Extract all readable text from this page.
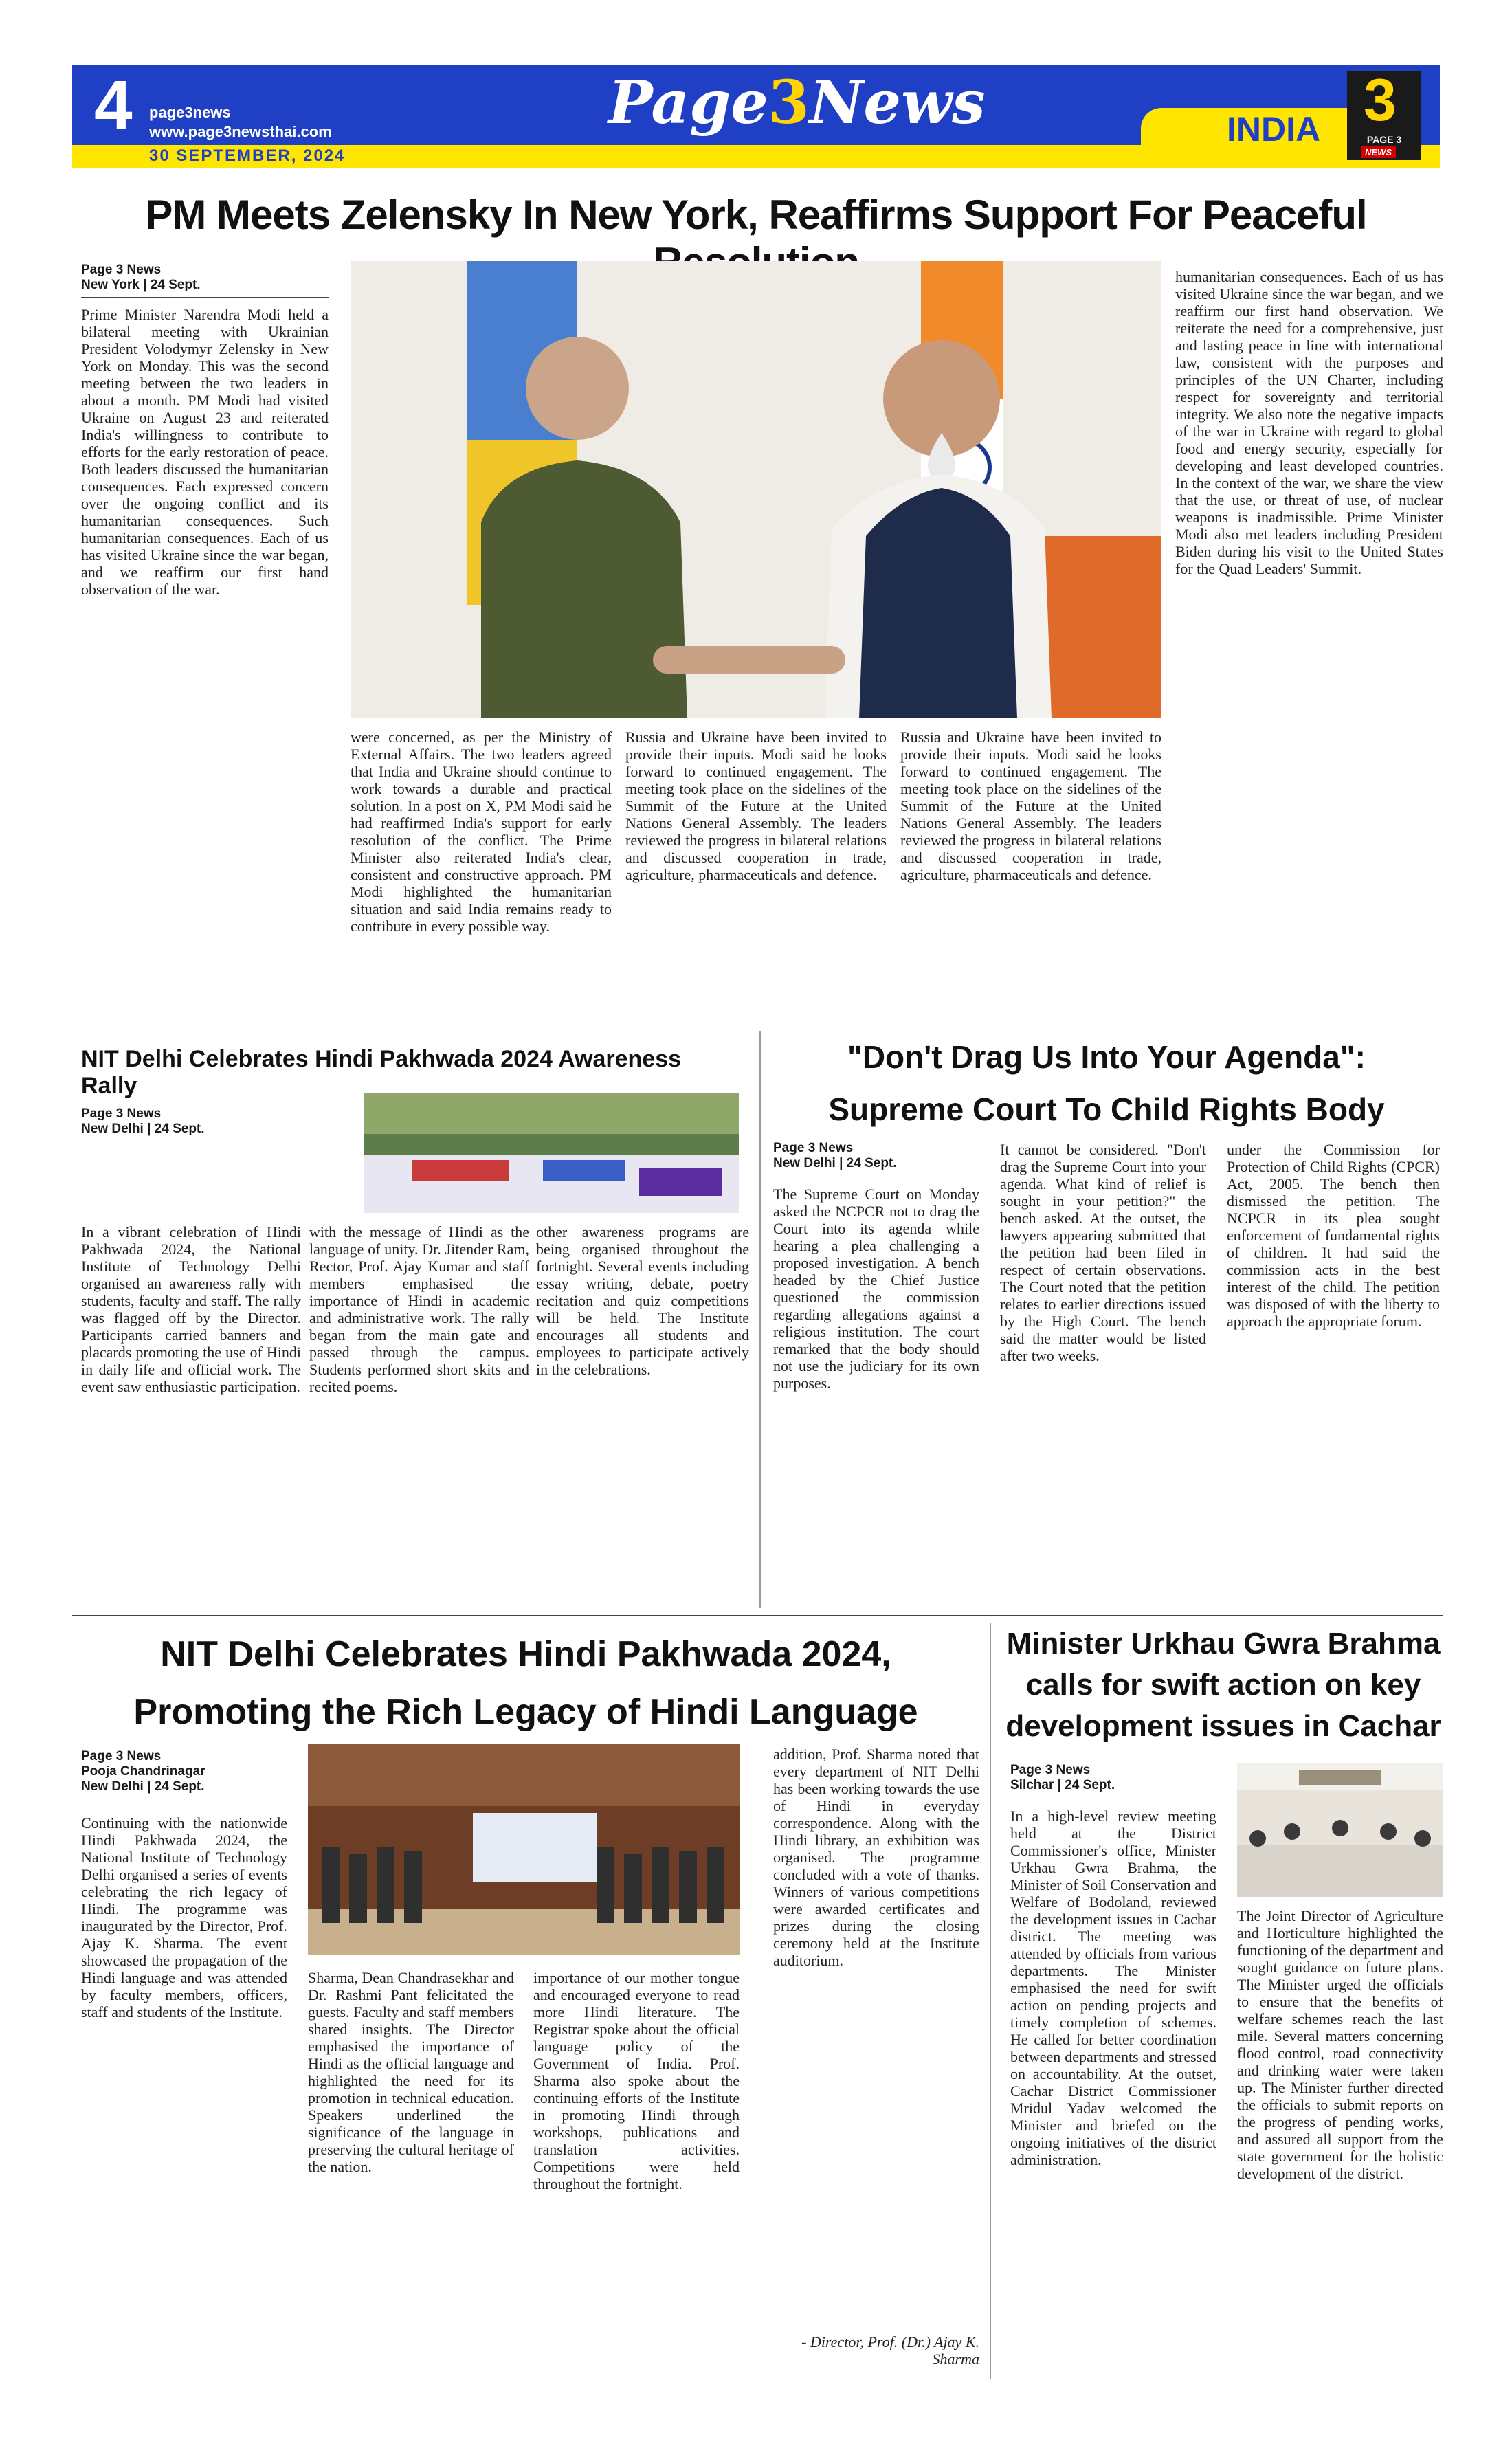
4 page3news
www.page3newsthai.com
30 SEPTEMBER, 2024
Page3News	INDIA 3
PAGE 3
NEWS
PM Meets Zelensky In New York, Reaffirms Support For Peaceful
Page 3 News
New York | 24 Sept.
Prime Minister Narendra Modi held a bilateral meeting with Ukrainian President Volodymyr Zelensky in New York on Monday. This was the second meeting between the two leaders in about a month. PM Modi had visited Ukraine on August 23 and reiterated India's willingness to contribute to efforts for the early restoration of peace. Both leaders discussed the humanitarian consequences. Each expressed concern over the ongoing conflict and its humanitarian consequences. Such humanitarian consequences. Each of us has visited Ukraine since the war began, and we reaffirm our first hand observation of the war.
were concerned, as per the Ministry of External Affairs. The two leaders agreed that India and Ukraine should continue to work towards a durable and practical solution. In a post on X, PM Modi said he had reaffirmed India's support for early resolution of the conflict. The Prime Minister also reiterated India's clear, consistent and constructive approach. PM Modi highlighted the humanitarian situation and said India remains ready to contribute in every possible way.
Russia and Ukraine have been invited to provide their inputs. Modi said he looks forward to continued engagement. The meeting took place on the sidelines of the Summit of the Future at the United Nations General Assembly. The leaders reviewed the progress in bilateral relations and discussed cooperation in trade, agriculture, pharmaceuticals and defence.
Russia and Ukraine have been invited to provide their inputs. Modi said he looks forward to continued engagement. The meeting took place on the sidelines of the Summit of the Future at the United Nations General Assembly. The leaders reviewed the progress in bilateral relations and discussed cooperation in trade, agriculture, pharmaceuticals and defence.
humanitarian consequences. Each of us has visited Ukraine since the war began, and we reaffirm our first hand observation. We reiterate the need for a comprehensive, just and lasting peace in line with international law, consistent with the purposes and principles of the UN Charter, including respect for sovereignty and territorial integrity. We also note the negative impacts of the war in Ukraine with regard to global food and energy security, especially for developing and least developed countries. In the context of the war, we share the view that the use, or threat of use, of nuclear weapons is inadmissible. Prime Minister Modi also met leaders including President Biden during his visit to the United States for the Quad Leaders' Summit.
NIT Delhi Celebrates Hindi Pakhwada 2024 Awareness Rally
Page 3 News
New Delhi | 24 Sept.
In a vibrant celebration of Hindi Pakhwada 2024, the National Institute of Technology Delhi organised an awareness rally with students, faculty and staff. The rally was flagged off by the Director. Participants carried banners and placards promoting the use of Hindi in daily life and official work. The event saw enthusiastic participation.
with the message of Hindi as the language of unity. Dr. Jitender Ram, Rector, Prof. Ajay Kumar and staff members emphasised the importance of Hindi in academic and administrative work. The rally began from the main gate and passed through the campus. Students performed short skits and recited poems.
other awareness programs are being organised throughout the fortnight. Several events including essay writing, debate, poetry recitation and quiz competitions will be held. The Institute encourages all students and employees to participate actively in the celebrations.
"Don't Drag Us Into Your Agenda":
Supreme Court To Child Rights Body
Page 3 News
New Delhi | 24 Sept.
The Supreme Court on Monday asked the NCPCR not to drag the Court into its agenda while hearing a plea challenging a proposed investigation. A bench headed by the Chief Justice questioned the commission regarding allegations against a religious institution. The court remarked that the body should not use the judiciary for its own purposes.
It cannot be considered. "Don't drag the Supreme Court into your agenda. What kind of relief is sought in your petition?" the bench asked. At the outset, the lawyers appearing submitted that the petition had been filed in respect of certain observations. The Court noted that the petition relates to earlier directions issued by the High Court. The bench said the matter would be listed after two weeks.
under the Commission for Protection of Child Rights (CPCR) Act, 2005. The bench then dismissed the petition. The NCPCR in its plea sought enforcement of fundamental rights of children. It had said the commission acts in the best interest of the child. The petition was disposed of with the liberty to approach the appropriate forum.
NIT Delhi Celebrates Hindi Pakhwada 2024,
Promoting the Rich Legacy of Hindi Language
Page 3 News
Pooja Chandrinagar
New Delhi | 24 Sept.
Continuing with the nationwide Hindi Pakhwada 2024, the National Institute of Technology Delhi organised a series of events celebrating the rich legacy of Hindi. The programme was inaugurated by the Director, Prof. Ajay K. Sharma. The event showcased the propagation of the Hindi language and was attended by faculty members, officers, staff and students of the Institute.
Sharma, Dean Chandrasekhar and Dr. Rashmi Pant felicitated the guests. Faculty and staff members shared insights. The Director emphasised the importance of Hindi as the official language and highlighted the need for its promotion in technical education. Speakers underlined the significance of the language in preserving the cultural heritage of the nation.
importance of our mother tongue and encouraged everyone to read more Hindi literature. The Registrar spoke about the official language policy of the Government of India. Prof. Sharma also spoke about the continuing efforts of the Institute in promoting Hindi through workshops, publications and translation activities. Competitions were held throughout the fortnight.
addition, Prof. Sharma noted that every department of NIT Delhi has been working towards the use of Hindi in everyday correspondence. Along with the Hindi library, an exhibition was organised. The programme concluded with a vote of thanks. Winners of various competitions were awarded certificates and prizes during the closing ceremony held at the Institute auditorium.
- Director, Prof. (Dr.) Ajay K. Sharma
Minister Urkhau Gwra Brahma
calls for swift action on key
development issues in Cachar
Page 3 News
Silchar | 24 Sept.
In a high-level review meeting held at the District Commissioner's office, Minister Urkhau Gwra Brahma, the Minister of Soil Conservation and Welfare of Bodoland, reviewed the development issues in Cachar district. The meeting was attended by officials from various departments. The Minister emphasised the need for swift action on pending projects and timely completion of schemes. He called for better coordination between departments and stressed on accountability. At the outset, Cachar District Commissioner Mridul Yadav welcomed the Minister and briefed on the ongoing initiatives of the district administration.
The Joint Director of Agriculture and Horticulture highlighted the functioning of the department and sought guidance on future plans. The Minister urged the officials to ensure that the benefits of welfare schemes reach the last mile. Several matters concerning flood control, road connectivity and drinking water were taken up. The Minister further directed the officials to submit reports on the progress of pending works, and assured all support from the state government for the holistic development of the district.
